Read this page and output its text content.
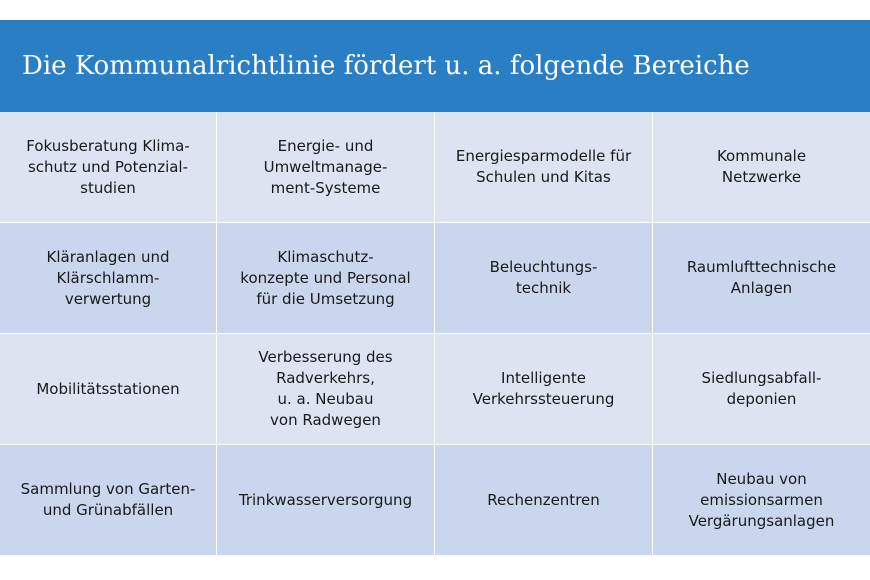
Die Kommunalrichtlinie fördert u. a. folgende Bereiche
Fokusberatung Klima-
schutz und Potenzial-
studien
Energie- und
Umweltmanage-
ment-Systeme
Energiesparmodelle für
Schulen und Kitas
Kommunale
Netzwerke
Kläranlagen und
Klärschlamm-
verwertung
Klimaschutz-
konzepte und Personal
für die Umsetzung
Beleuchtungs-
technik
Raumlufttechnische
Anlagen
Mobilitätsstationen
Verbesserung des
Radverkehrs,
u. a. Neubau
von Radwegen
Intelligente
Verkehrssteuerung
Siedlungsabfall-
deponien
Sammlung von Garten-
und Grünabfällen
Trinkwasserversorgung	Rechenzentren
Neubau von
emissionsarmen
Vergärungsanlagen
